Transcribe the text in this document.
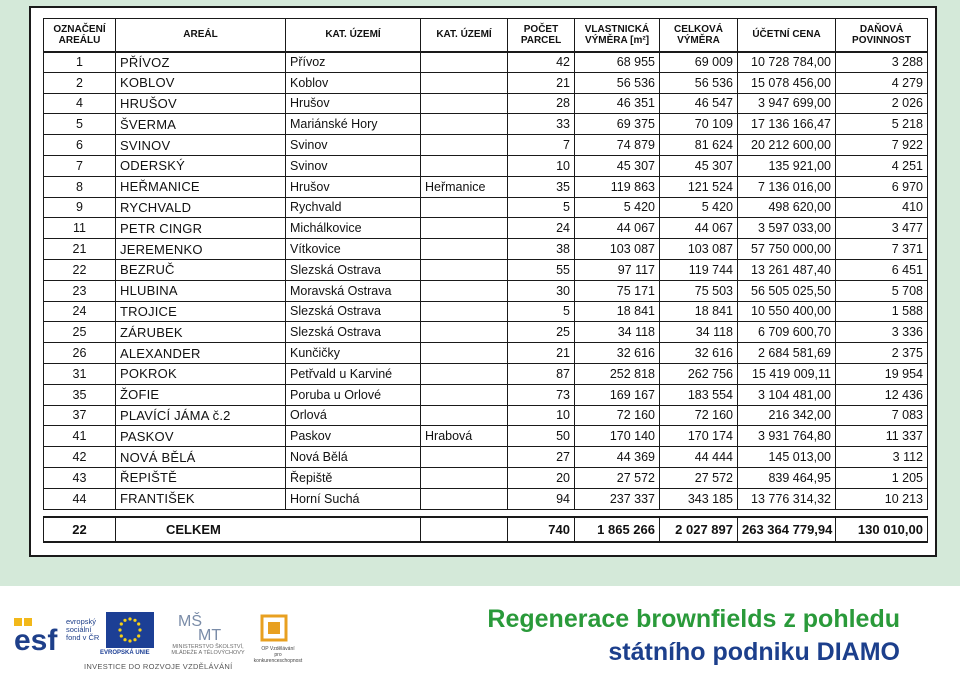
OZNAČENÍ AREÁLU	AREÁL	KAT. ÚZEMÍ	KAT. ÚZEMÍ	POČET PARCEL	VLASTNICKÁ VÝMĚRA [m²]	CELKOVÁ VÝMĚRA	ÚČETNÍ CENA	DAŇOVÁ POVINNOST
1	PŘÍVOZ	Přívoz		42	68 955	69 009	10 728 784,00	3 288
2	KOBLOV	Koblov		21	56 536	56 536	15 078 456,00	4 279
4	HRUŠOV	Hrušov		28	46 351	46 547	3 947 699,00	2 026
5	ŠVERMA	Mariánské Hory		33	69 375	70 109	17 136 166,47	5 218
6	SVINOV	Svinov		7	74 879	81 624	20 212 600,00	7 922
7	ODERSKÝ	Svinov		10	45 307	45 307	135 921,00	4 251
8	HEŘMANICE	Hrušov	Heřmanice	35	119 863	121 524	7 136 016,00	6 970
9	RYCHVALD	Rychvald		5	5 420	5 420	498 620,00	410
11	PETR CINGR	Michálkovice		24	44 067	44 067	3 597 033,00	3 477
21	JEREMENKO	Vítkovice		38	103 087	103 087	57 750 000,00	7 371
22	BEZRUČ	Slezská Ostrava		55	97 117	119 744	13 261 487,40	6 451
23	HLUBINA	Moravská Ostrava		30	75 171	75 503	56 505 025,50	5 708
24	TROJICE	Slezská Ostrava		5	18 841	18 841	10 550 400,00	1 588
25	ZÁRUBEK	Slezská Ostrava		25	34 118	34 118	6 709 600,70	3 336
26	ALEXANDER	Kunčičky		21	32 616	32 616	2 684 581,69	2 375
31	POKROK	Petřvald u Karviné		87	252 818	262 756	15 419 009,11	19 954
35	ŽOFIE	Poruba u Orlové		73	169 167	183 554	3 104 481,00	12 436
37	PLAVÍCÍ JÁMA č.2	Orlová		10	72 160	72 160	216 342,00	7 083
41	PASKOV	Paskov	Hrabová	50	170 140	170 174	3 931 764,80	11 337
42	NOVÁ BĚLÁ	Nová Bělá		27	44 369	44 444	145 013,00	3 112
43	ŘEPIŠTĚ	Řepiště		20	27 572	27 572	839 464,95	1 205
44	FRANTIŠEK	Horní Suchá		94	237 337	343 185	13 776 314,32	10 213

22	CELKEM			740	1 865 266	2 027 897	263 364 779,94	130 010,00
esf
evropský
sociální
fond v ČR
EVROPSKÁ UNIE
MŠ
MT
MINISTERSTVO ŠKOLSTVÍ,
MLÁDEŽE A TĚLOVÝCHOVY
OP Vzdělávání
pro konkurenceschopnost
INVESTICE DO ROZVOJE VZDĚLÁVÁNÍ
Regenerace brownfields z pohledu
státního podniku DIAMO
